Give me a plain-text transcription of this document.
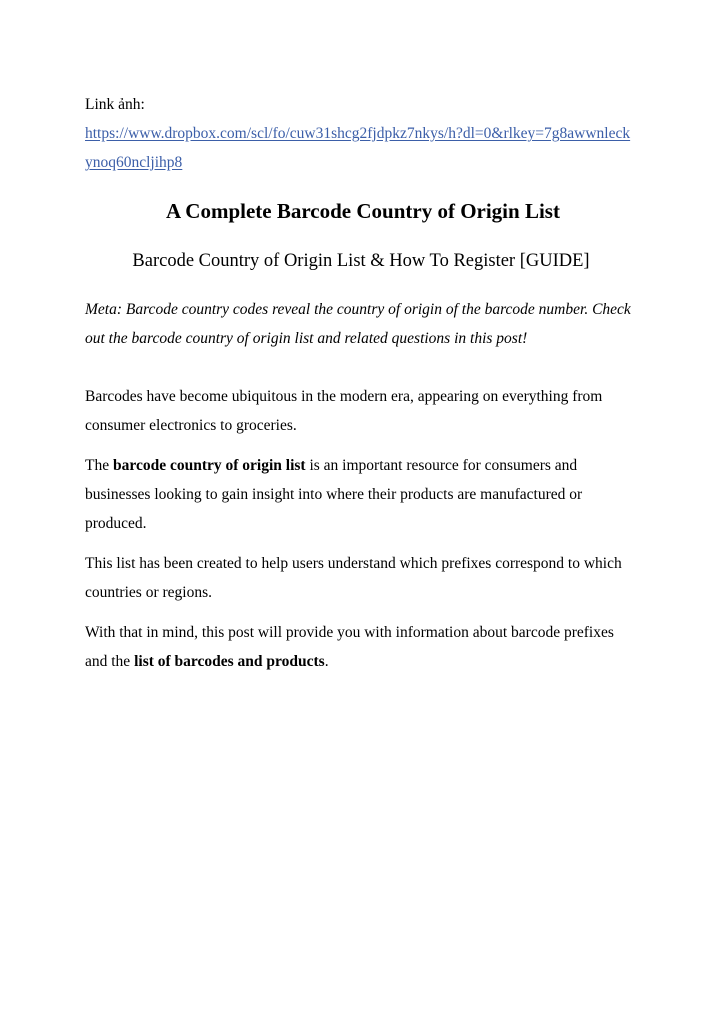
Link ảnh:

https://www.dropbox.com/scl/fo/cuw31shcg2fjdpkz7nkys/h?dl=0&rlkey=7g8awwnleckynoq60ncljihp8

A Complete Barcode Country of Origin List
Barcode Country of Origin List & How To Register [GUIDE]

Meta: Barcode country codes reveal the country of origin of the barcode number. Check out the barcode country of origin list and related questions in this post!

Barcodes have become ubiquitous in the modern era, appearing on everything from consumer electronics to groceries.

The barcode country of origin list is an important resource for consumers and businesses looking to gain insight into where their products are manufactured or produced.

This list has been created to help users understand which prefixes correspond to which countries or regions.

With that in mind, this post will provide you with information about barcode prefixes and the list of barcodes and products.
